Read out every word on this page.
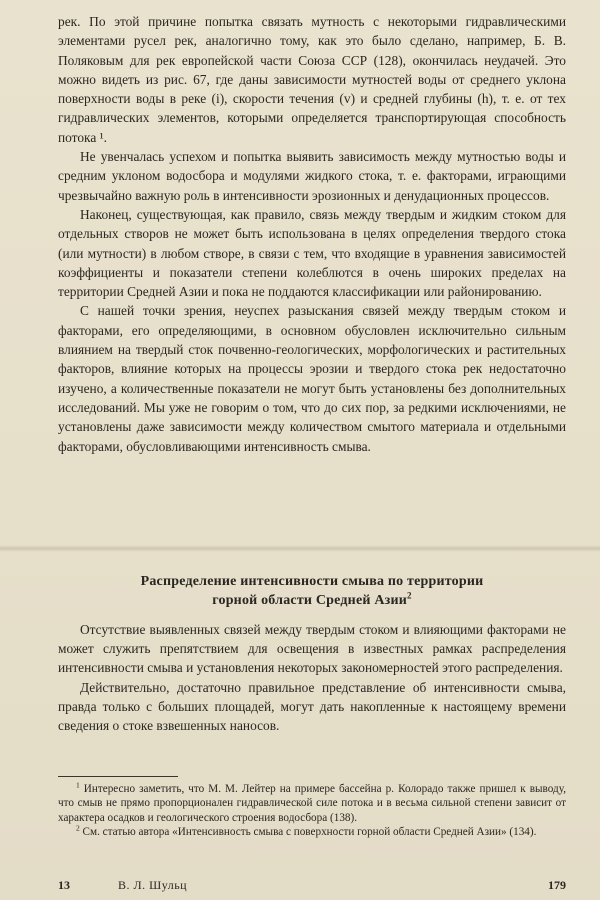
рек. По этой причине попытка связать мутность с некоторыми гидравлическими элементами русел рек, аналогично тому, как это было сделано, например, Б. В. Поляковым для рек европейской части Союза ССР (128), окончилась неудачей. Это можно видеть из рис. 67, где даны зависимости мутностей воды от среднего уклона поверхности воды в реке (i), скорости течения (v) и средней глубины (h), т. е. от тех гидравлических элементов, которыми определяется транспортирующая способность потока ¹.

Не увенчалась успехом и попытка выявить зависимость между мутностью воды и средним уклоном водосбора и модулями жидкого стока, т. е. факторами, играющими чрезвычайно важную роль в интенсивности эрозионных и денудационных процессов.

Наконец, существующая, как правило, связь между твердым и жидким стоком для отдельных створов не может быть использована в целях определения твердого стока (или мутности) в любом створе, в связи с тем, что входящие в уравнения зависимостей коэффициенты и показатели степени колеблются в очень широких пределах на территории Средней Азии и пока не поддаются классификации или районированию.

С нашей точки зрения, неуспех разыскания связей между твердым стоком и факторами, его определяющими, в основном обусловлен исключительно сильным влиянием на твердый сток почвенно-геологических, морфологических и растительных факторов, влияние которых на процессы эрозии и твердого стока рек недостаточно изучено, а количественные показатели не могут быть установлены без дополнительных исследований. Мы уже не говорим о том, что до сих пор, за редкими исключениями, не установлены даже зависимости между количеством смытого материала и отдельными факторами, обусловливающими интенсивность смыва.

Распределение интенсивности смыва по территории
горной области Средней Азии$^2$

Отсутствие выявленных связей между твердым стоком и влияющими факторами не может служить препятствием для освещения в известных рамках распределения интенсивности смыва и установления некоторых закономерностей этого распределения.

Действительно, достаточно правильное представление об интенсивности смыва, правда только с больших площадей, могут дать накопленные к настоящему времени сведения о стоке взвешенных наносов.

$^1$ Интересно заметить, что М. М. Лейтер на примере бассейна р. Колорадо также пришел к выводу, что смыв не прямо пропорционален гидравлической силе потока и в весьма сильной степени зависит от характера осадков и геологического строения водосбора (138).

$^2$ См. статью автора «Интенсивность смыва с поверхности горной области Средней Азии» (134).

13	В. Л. Шульц	179
